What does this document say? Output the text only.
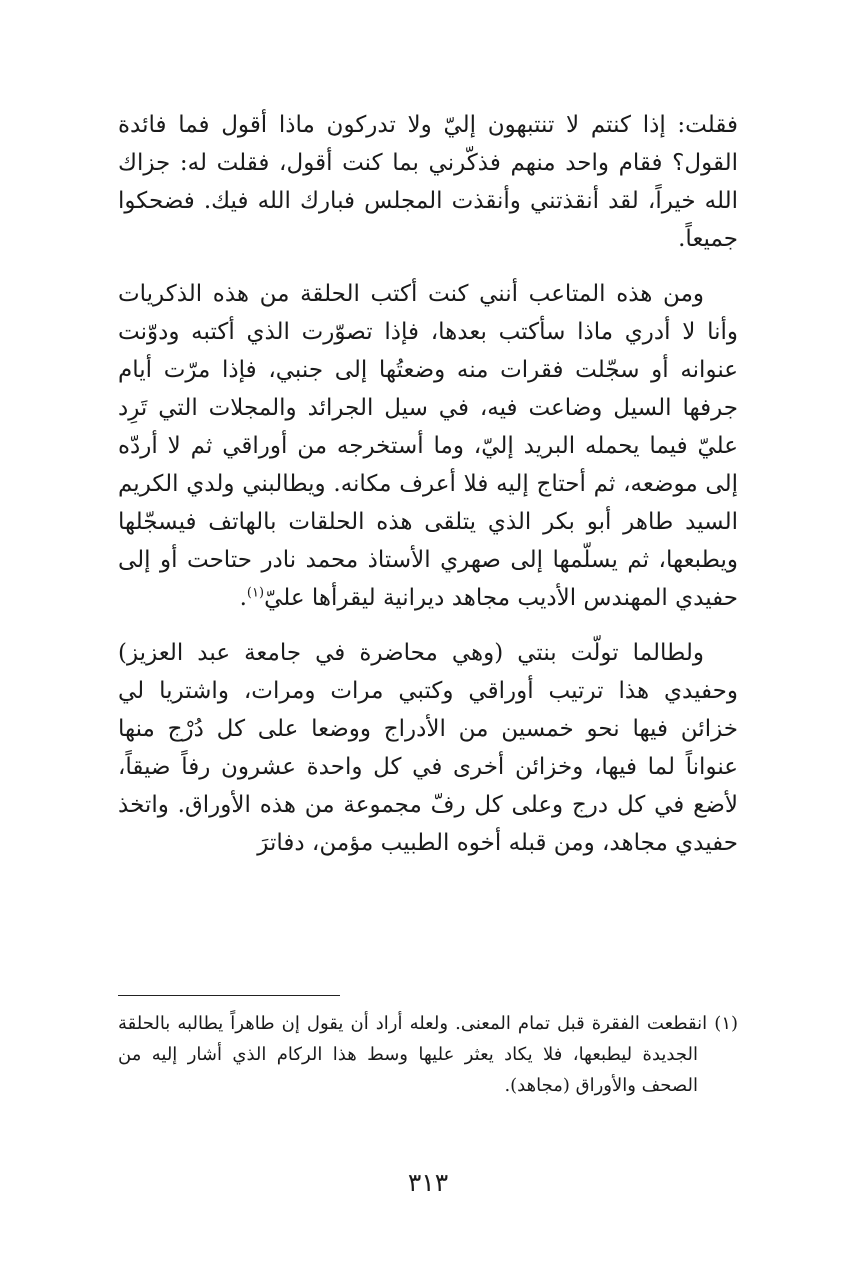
فقلت: إذا كنتم لا تنتبهون إليّ ولا تدركون ماذا أقول فما فائدة القول؟ فقام واحد منهم فذكّرني بما كنت أقول، فقلت له: جزاك الله خيراً، لقد أنقذتني وأنقذت المجلس فبارك الله فيك. فضحكوا جميعاً.

ومن هذه المتاعب أنني كنت أكتب الحلقة من هذه الذكريات وأنا لا أدري ماذا سأكتب بعدها، فإذا تصوّرت الذي أكتبه ودوّنت عنوانه أو سجّلت فقرات منه وضعتُها إلى جنبي، فإذا مرّت أيام جرفها السيل وضاعت فيه، في سيل الجرائد والمجلات التي تَرِد عليّ فيما يحمله البريد إليّ، وما أستخرجه من أوراقي ثم لا أردّه إلى موضعه، ثم أحتاج إليه فلا أعرف مكانه. ويطالبني ولدي الكريم السيد طاهر أبو بكر الذي يتلقى هذه الحلقات بالهاتف فيسجّلها ويطبعها، ثم يسلّمها إلى صهري الأستاذ محمد نادر حتاحت أو إلى حفيدي المهندس الأديب مجاهد ديرانية ليقرأها عليّ$^{(١)}$.

ولطالما تولّت بنتي (وهي محاضرة في جامعة عبد العزيز) وحفيدي هذا ترتيب أوراقي وكتبي مرات ومرات، واشتريا لي خزائن فيها نحو خمسين من الأدراج ووضعا على كل دُرْج منها عنواناً لما فيها، وخزائن أخرى في كل واحدة عشرون رفاً ضيقاً، لأضع في كل درج وعلى كل رفّ مجموعة من هذه الأوراق. واتخذ حفيدي مجاهد، ومن قبله أخوه الطبيب مؤمن، دفاترَ

(١) انقطعت الفقرة قبل تمام المعنى. ولعله أراد أن يقول إن طاهراً يطالبه بالحلقة الجديدة ليطبعها، فلا يكاد يعثر عليها وسط هذا الركام الذي أشار إليه من الصحف والأوراق (مجاهد).
٣١٣
